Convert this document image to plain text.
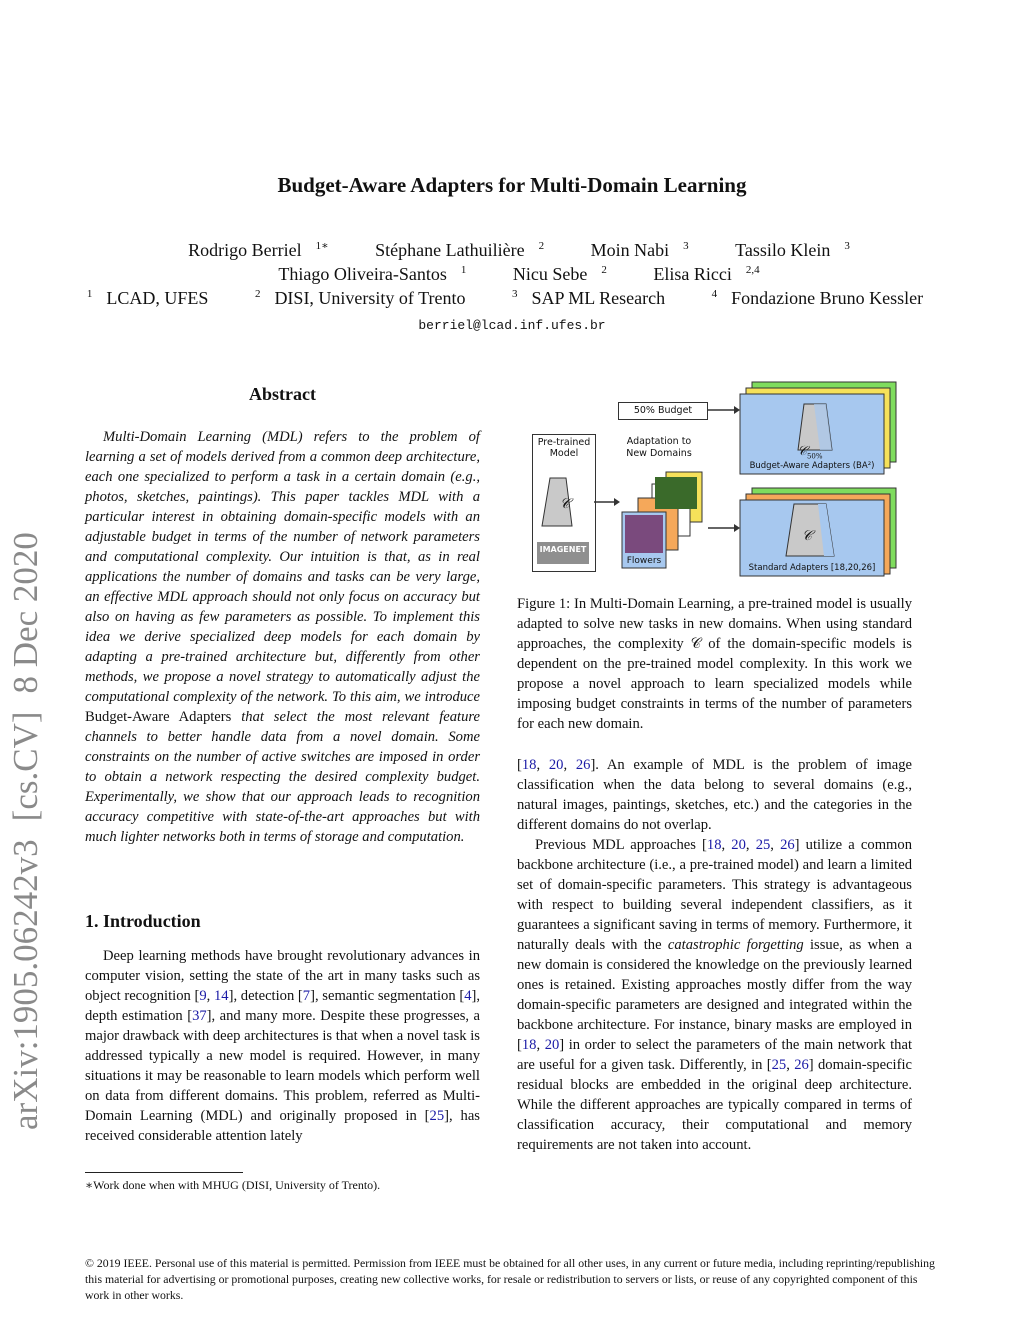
Budget-Aware Adapters for Multi-Domain Learning
Rodrigo Berriel $^{1∗}$	Stéphane Lathuilière $^2$	Moin Nabi $^3$	Tassilo Klein $^3$
Thiago Oliveira-Santos $^1$	Nicu Sebe $^2$	Elisa Ricci $^{2,4}$
$^1$ LCAD, UFES	$^2$ DISI, University of Trento	$^3$ SAP ML Research	$^4$ Fondazione Bruno Kessler
berriel@lcad.inf.ufes.br
arXiv:1905.06242v3[cs.CV]8 Dec 2020
Abstract
Multi-Domain Learning (MDL) refers to the problem of learning a set of models derived from a common deep architecture, each one specialized to perform a task in a certain domain (e.g., photos, sketches, paintings). This paper tackles MDL with a particular interest in obtaining domain-specific models with an adjustable budget in terms of the number of network parameters and computational complexity. Our intuition is that, as in real applications the number of domains and tasks can be very large, an effective MDL approach should not only focus on accuracy but also on having as few parameters as possible. To implement this idea we derive specialized deep models for each domain by adapting a pre-trained architecture but, differently from other methods, we propose a novel strategy to automatically adjust the computational complexity of the network. To this aim, we introduce Budget-Aware Adapters that select the most relevant feature channels to better handle data from a novel domain. Some constraints on the number of active switches are imposed in order to obtain a network respecting the desired complexity budget. Experimentally, we show that our approach leads to recognition accuracy competitive with state-of-the-art approaches but with much lighter networks both in terms of storage and computation.
1. Introduction
Deep learning methods have brought revolutionary advances in computer vision, setting the state of the art in many tasks such as object recognition [9, 14], detection [7], semantic segmentation [4], depth estimation [37], and many more. Despite these progresses, a major drawback with deep architectures is that when a novel task is addressed typically a new model is required. However, in many situations it may be reasonable to learn models which perform well on data from different domains. This problem, referred as Multi-Domain Learning (MDL) and originally proposed in [25], has received considerable attention lately
∗Work done when with MHUG (DISI, University of Trento).
Pre-trained Model
50% Budget
Adaptation to New Domains
𝒞
IMAGENET
Flowers
𝒞$_{50\%}$
Budget-Aware Adapters (BA²)
𝒞
Standard Adapters [18,20,26]
Figure 1: In Multi-Domain Learning, a pre-trained model is usually adapted to solve new tasks in new domains. When using standard approaches, the complexity 𝒞 of the domain-specific models is dependent on the pre-trained model complexity. In this work we propose a novel approach to learn specialized models while imposing budget constraints in terms of the number of parameters for each new domain.
[18, 20, 26]. An example of MDL is the problem of image classification when the data belong to several domains (e.g., natural images, paintings, sketches, etc.) and the categories in the different domains do not overlap.
Previous MDL approaches [18, 20, 25, 26] utilize a common backbone architecture (i.e., a pre-trained model) and learn a limited set of domain-specific parameters. This strategy is advantageous with respect to building several independent classifiers, as it guarantees a significant saving in terms of memory. Furthermore, it naturally deals with the catastrophic forgetting issue, as when a new domain is considered the knowledge on the previously learned ones is retained. Existing approaches mostly differ from the way domain-specific parameters are designed and integrated within the backbone architecture. For instance, binary masks are employed in [18, 20] in order to select the parameters of the main network that are useful for a given task. Differently, in [25, 26] domain-specific residual blocks are embedded in the original deep architecture. While the different approaches are typically compared in terms of classification accuracy, their computational and memory requirements are not taken into account.
© 2019 IEEE. Personal use of this material is permitted. Permission from IEEE must be obtained for all other uses, in any current or future media, including reprinting/republishing this material for advertising or promotional purposes, creating new collective works, for resale or redistribution to servers or lists, or reuse of any copyrighted component of this work in other works.
